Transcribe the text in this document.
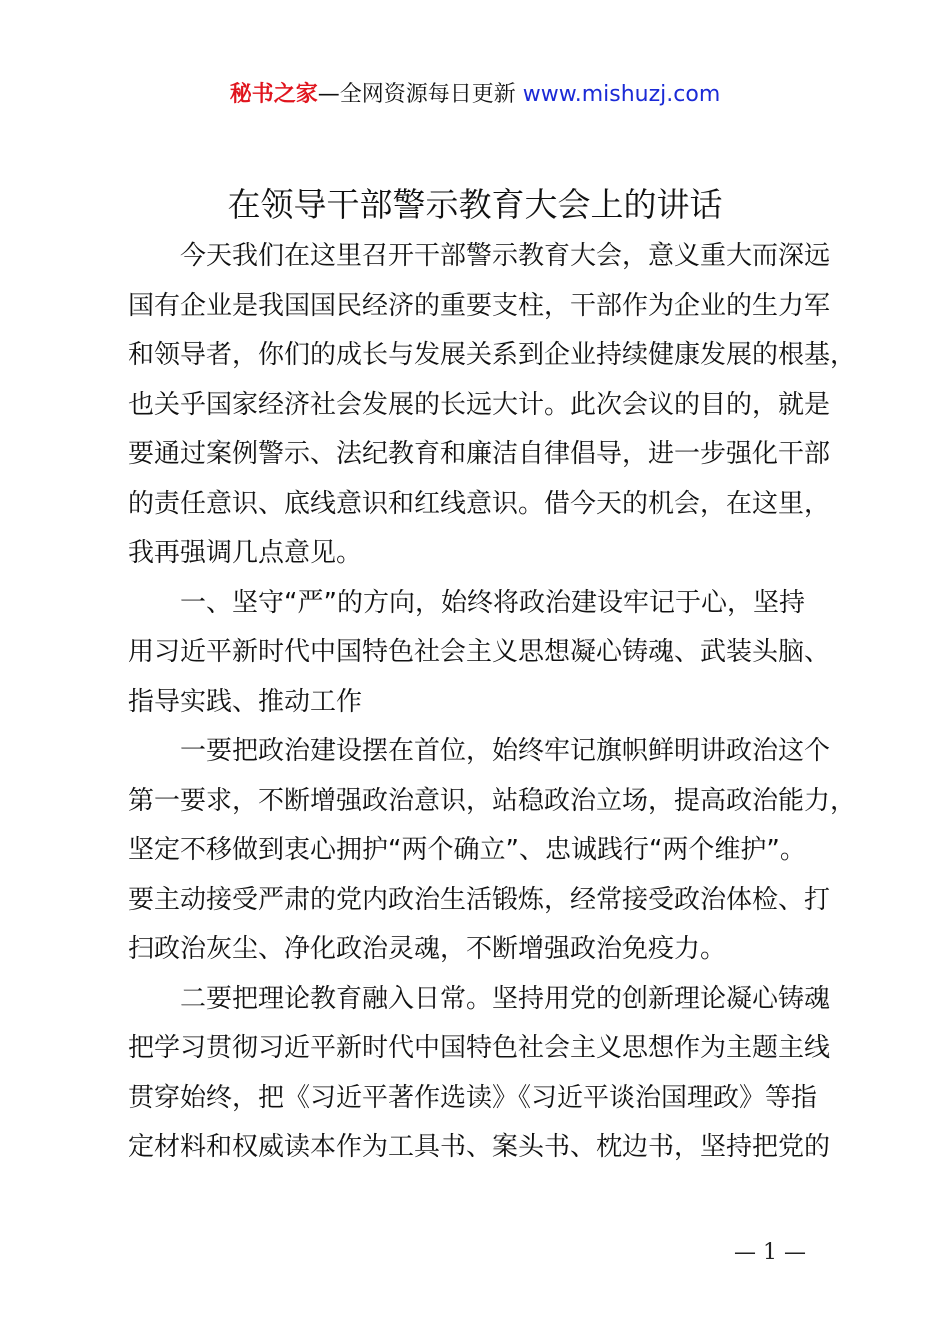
秘书之家—全网资源每日更新 www.mishuzj.com
在领导干部警示教育大会上的讲话
今天我们在这里召开干部警示教育大会，意义重大而深远
国有企业是我国国民经济的重要支柱，干部作为企业的生力军
和领导者，你们的成长与发展关系到企业持续健康发展的根基，
也关乎国家经济社会发展的长远大计。此次会议的目的，就是
要通过案例警示、法纪教育和廉洁自律倡导，进一步强化干部
的责任意识、底线意识和红线意识。借今天的机会，在这里，
我再强调几点意见。
一、坚守“严”的方向，始终将政治建设牢记于心，坚持
用习近平新时代中国特色社会主义思想凝心铸魂、武装头脑、
指导实践、推动工作
一要把政治建设摆在首位，始终牢记旗帜鲜明讲政治这个
第一要求，不断增强政治意识，站稳政治立场，提高政治能力，
坚定不移做到衷心拥护“两个确立”、忠诚践行“两个维护”。
要主动接受严肃的党内政治生活锻炼，经常接受政治体检、打
扫政治灰尘、净化政治灵魂，不断增强政治免疫力。
二要把理论教育融入日常。坚持用党的创新理论凝心铸魂
把学习贯彻习近平新时代中国特色社会主义思想作为主题主线
贯穿始终，把《习近平著作选读》《习近平谈治国理政》等指
定材料和权威读本作为工具书、案头书、枕边书，坚持把党的
— 1 —
